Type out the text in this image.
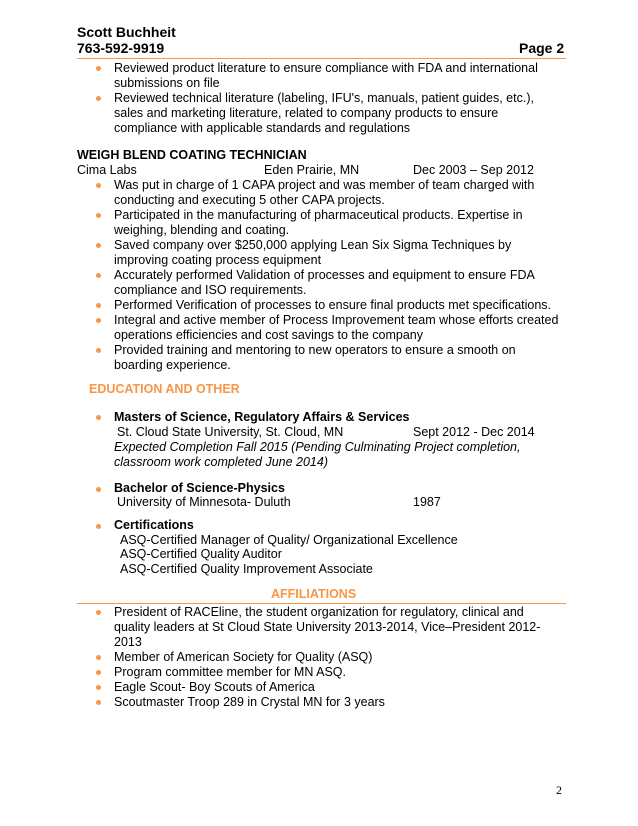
Scott Buchheit
763-592-9919	Page 2
Reviewed product literature to ensure compliance with FDA and international submissions on file
Reviewed technical literature (labeling, IFU's, manuals, patient guides, etc.), sales and marketing literature, related to company products to ensure compliance with applicable standards and regulations
WEIGH BLEND COATING TECHNICIAN
Cima Labs	Eden Prairie, MN	Dec 2003 – Sep 2012
Was put in charge of 1 CAPA project and was member of team charged with conducting and executing 5 other CAPA projects.
Participated in the manufacturing of pharmaceutical products. Expertise in weighing, blending and coating.
Saved company over $250,000 applying Lean Six Sigma Techniques by improving coating process equipment
Accurately performed Validation of processes and equipment to ensure FDA compliance and ISO requirements.
Performed Verification of processes to ensure final products met specifications.
Integral and active member of Process Improvement team whose efforts created operations efficiencies and cost savings to the company
Provided training and mentoring to new operators to ensure a smooth on boarding experience.
EDUCATION AND OTHER
Masters of Science, Regulatory Affairs & Services
St. Cloud State University, St. Cloud, MN	Sept 2012 - Dec 2014
Expected Completion Fall 2015 (Pending Culminating Project completion,
classroom work completed June 2014)
Bachelor of Science-Physics
University of Minnesota- Duluth	1987
Certifications
ASQ-Certified Manager of Quality/ Organizational Excellence
ASQ-Certified Quality Auditor
ASQ-Certified Quality Improvement Associate
AFFILIATIONS
President of RACEline, the student organization for regulatory, clinical and quality leaders at St Cloud State University 2013-2014, Vice–President 2012-2013
Member of American Society for Quality (ASQ)
Program committee member for MN ASQ.
Eagle Scout- Boy Scouts of America
Scoutmaster Troop 289 in Crystal MN for 3 years
2
